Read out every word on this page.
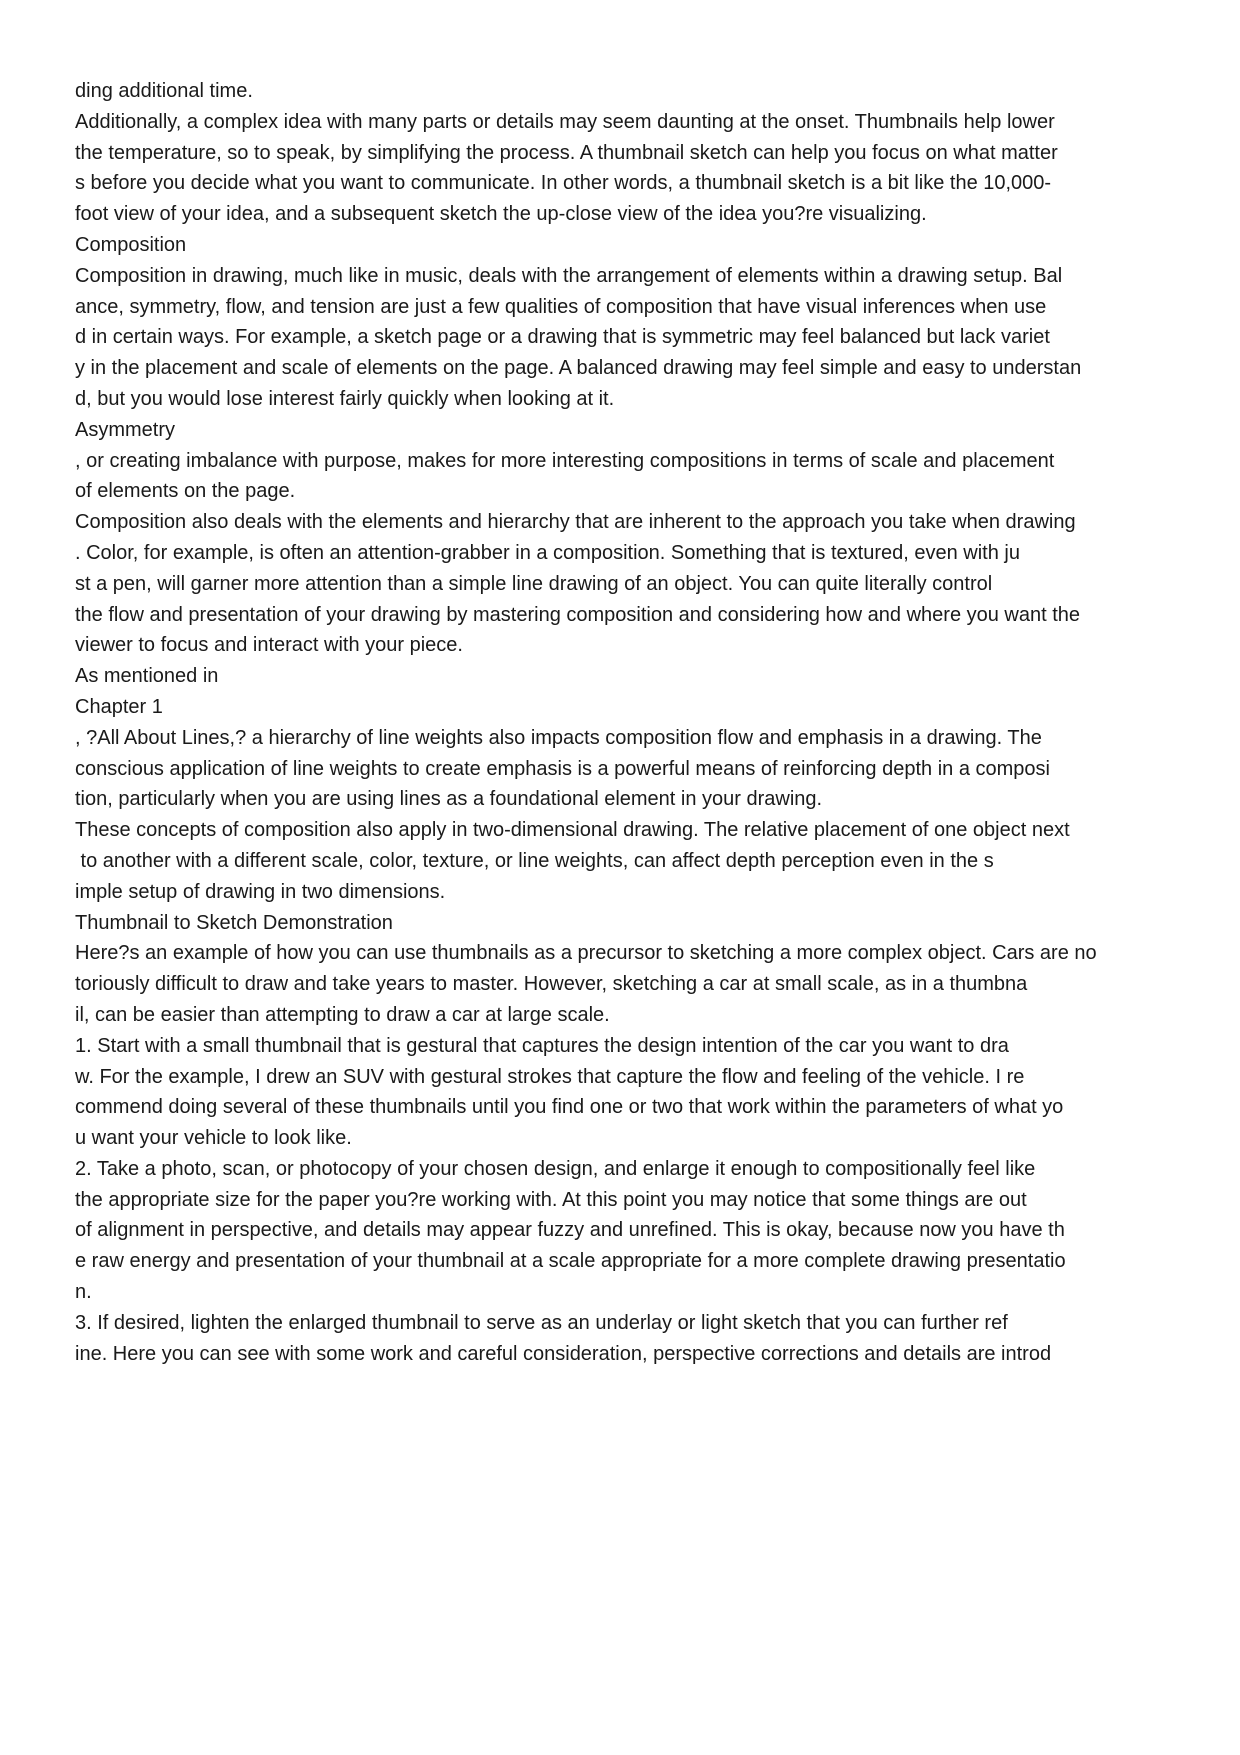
ding additional time.
Additionally, a complex idea with many parts or details may seem daunting at the onset. Thumbnails help lower
the temperature, so to speak, by simplifying the process. A thumbnail sketch can help you focus on what matter
s before you decide what you want to communicate. In other words, a thumbnail sketch is a bit like the 10,000-
foot view of your idea, and a subsequent sketch the up-close view of the idea you?re visualizing.
Composition
Composition in drawing, much like in music, deals with the arrangement of elements within a drawing setup. Bal
ance, symmetry, flow, and tension are just a few qualities of composition that have visual inferences when use
d in certain ways. For example, a sketch page or a drawing that is symmetric may feel balanced but lack variet
y in the placement and scale of elements on the page. A balanced drawing may feel simple and easy to understan
d, but you would lose interest fairly quickly when looking at it.
Asymmetry
, or creating imbalance with purpose, makes for more interesting compositions in terms of scale and placement
of elements on the page.
Composition also deals with the elements and hierarchy that are inherent to the approach you take when drawing
. Color, for example, is often an attention-grabber in a composition. Something that is textured, even with ju
st a pen, will garner more attention than a simple line drawing of an object. You can quite literally control
the flow and presentation of your drawing by mastering composition and considering how and where you want the
viewer to focus and interact with your piece.
As mentioned in
Chapter 1
, ?All About Lines,? a hierarchy of line weights also impacts composition flow and emphasis in a drawing. The
conscious application of line weights to create emphasis is a powerful means of reinforcing depth in a composi
tion, particularly when you are using lines as a foundational element in your drawing.
These concepts of composition also apply in two-dimensional drawing. The relative placement of one object next
to another with a different scale, color, texture, or line weights, can affect depth perception even in the s
imple setup of drawing in two dimensions.
Thumbnail to Sketch Demonstration
Here?s an example of how you can use thumbnails as a precursor to sketching a more complex object. Cars are no
toriously difficult to draw and take years to master. However, sketching a car at small scale, as in a thumbna
il, can be easier than attempting to draw a car at large scale.
1. Start with a small thumbnail that is gestural that captures the design intention of the car you want to dra
w. For the example, I drew an SUV with gestural strokes that capture the flow and feeling of the vehicle. I re
commend doing several of these thumbnails until you find one or two that work within the parameters of what yo
u want your vehicle to look like.
2. Take a photo, scan, or photocopy of your chosen design, and enlarge it enough to compositionally feel like
the appropriate size for the paper you?re working with. At this point you may notice that some things are out
of alignment in perspective, and details may appear fuzzy and unrefined. This is okay, because now you have th
e raw energy and presentation of your thumbnail at a scale appropriate for a more complete drawing presentatio
n.
3. If desired, lighten the enlarged thumbnail to serve as an underlay or light sketch that you can further ref
ine. Here you can see with some work and careful consideration, perspective corrections and details are introd
